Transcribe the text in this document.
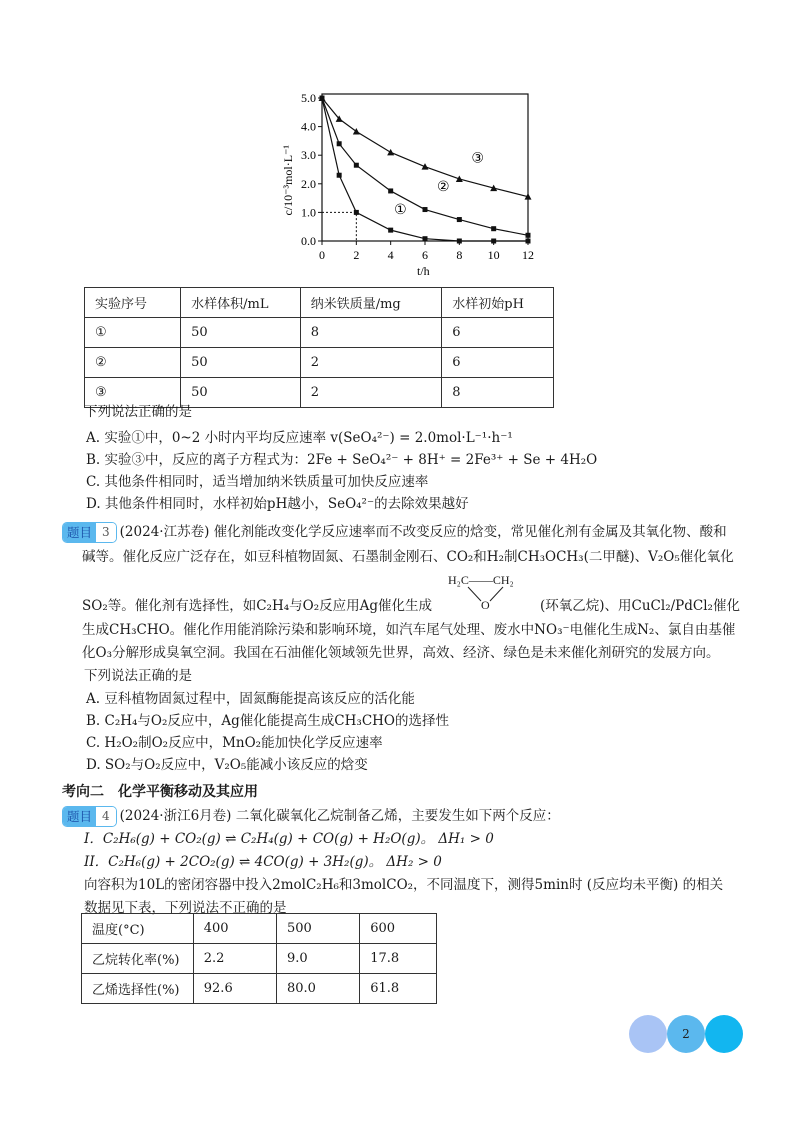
0.0
1.0
2.0
3.0
4.0
5.0
0 2 4 6 8 10 12
t/h
c/10⁻³mol·L⁻¹	①
②
③
实验序号	水样体积/mL	纳米铁质量/mg	水样初始pH
①	50	8	6
②	50	2	6
③	50	2	8
下列说法正确的是
A. 实验①中，0~2 小时内平均反应速率 v(SeO₄²⁻) = 2.0mol·L⁻¹·h⁻¹
B. 实验③中，反应的离子方程式为：2Fe + SeO₄²⁻ + 8H⁺ = 2Fe³⁺ + Se + 4H₂O
C. 其他条件相同时，适当增加纳米铁质量可加快反应速率
D. 其他条件相同时，水样初始pH越小，SeO₄²⁻的去除效果越好
题目 3 (2024·江苏卷) 催化剂能改变化学反应速率而不改变反应的焓变，常见催化剂有金属及其氧化物、酸和
碱等。催化反应广泛存在，如豆科植物固氮、石墨制金刚石、CO₂和H₂制CH₃OCH₃(二甲醚)、V₂O₅催化氧化
SO₂等。催化剂有选择性，如C₂H₄与O₂反应用Ag催化生成
H₂C——CH₂
O	(环氧乙烷)、用CuCl₂/PdCl₂催化
生成CH₃CHO。催化作用能消除污染和影响环境，如汽车尾气处理、废水中NO₃⁻电催化生成N₂、氯自由基催
化O₃分解形成臭氧空洞。我国在石油催化领域领先世界，高效、经济、绿色是未来催化剂研究的发展方向。
下列说法正确的是
A. 豆科植物固氮过程中，固氮酶能提高该反应的活化能
B. C₂H₄与O₂反应中，Ag催化能提高生成CH₃CHO的选择性
C. H₂O₂制O₂反应中，MnO₂能加快化学反应速率
D. SO₂与O₂反应中，V₂O₅能减小该反应的焓变
考向二　化学平衡移动及其应用
题目 4 (2024·浙江6月卷) 二氧化碳氧化乙烷制备乙烯，主要发生如下两个反应：
I．C₂H₆(g) + CO₂(g) ⇌ C₂H₄(g) + CO(g) + H₂O(g)。 ΔH₁ > 0
II．C₂H₆(g) + 2CO₂(g) ⇌ 4CO(g) + 3H₂(g)。 ΔH₂ > 0
向容积为10L的密闭容器中投入2molC₂H₆和3molCO₂，不同温度下，测得5min时 (反应均未平衡) 的相关
数据见下表，下列说法不正确的是
温度(°C)	400	500	600
乙烷转化率(%)	2.2	9.0	17.8
乙烯选择性(%)	92.6	80.0	61.8
2
